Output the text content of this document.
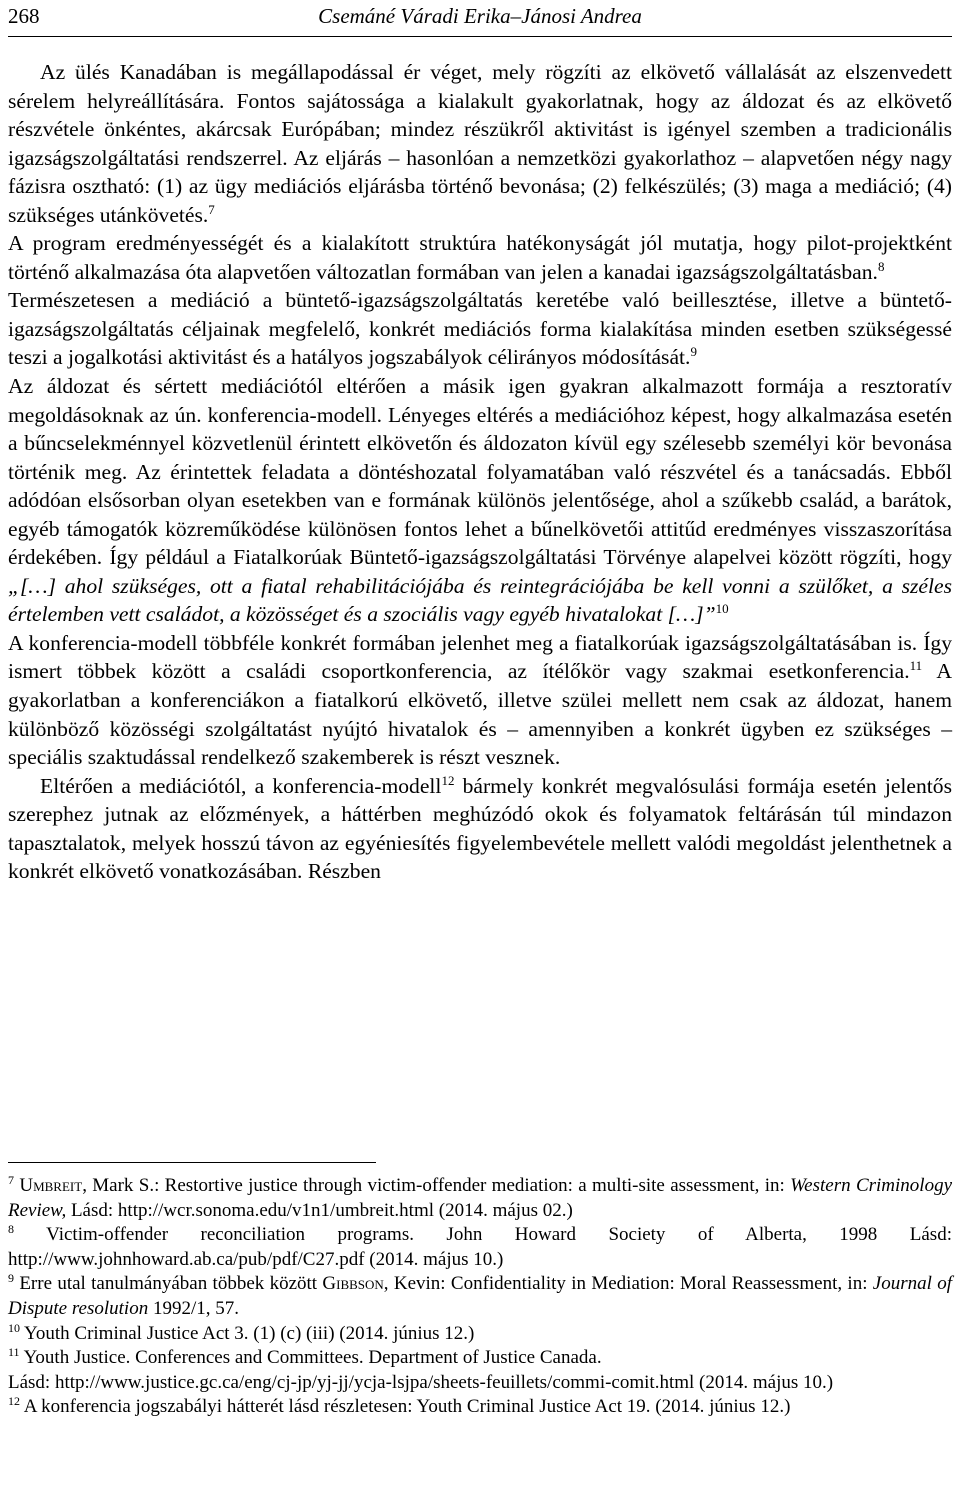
268	Csemáné Váradi Erika–Jánosi Andrea

Az ülés Kanadában is megállapodással ér véget, mely rögzíti az elkövető vállalását az elszenvedett sérelem helyreállítására. Fontos sajátossága a kialakult gyakorlatnak, hogy az áldozat és az elkövető részvétele önkéntes, akárcsak Európában; mindez részükről aktivitást is igényel szemben a tradicionális igazságszolgáltatási rendszerrel. Az eljárás – hasonlóan a nemzetközi gyakorlathoz – alapvetően négy nagy fázisra osztható: (1) az ügy mediációs eljárásba történő bevonása; (2) felkészülés; (3) maga a mediáció; (4) szükséges utánkövetés.$^7$

A program eredményességét és a kialakított struktúra hatékonyságát jól mutatja, hogy pilot-projektként történő alkalmazása óta alapvetően változatlan formában van jelen a kanadai igazságszolgáltatásban.$^8$

Természetesen a mediáció a büntető-igazságszolgáltatás keretébe való beillesztése, illetve a büntető-igazságszolgáltatás céljainak megfelelő, konkrét mediációs forma kialakítása minden esetben szükségessé teszi a jogalkotási aktivitást és a hatályos jogszabályok célirányos módosítását.$^9$

Az áldozat és sértett mediációtól eltérően a másik igen gyakran alkalmazott formája a resztoratív megoldásoknak az ún. konferencia-modell. Lényeges eltérés a mediációhoz képest, hogy alkalmazása esetén a bűncselekménnyel közvetlenül érintett elkövetőn és áldozaton kívül egy szélesebb személyi kör bevonása történik meg. Az érintettek feladata a döntéshozatal folyamatában való részvétel és a tanácsadás. Ebből adódóan elsősorban olyan esetekben van e formának különös jelentősége, ahol a szűkebb család, a barátok, egyéb támogatók közreműködése különösen fontos lehet a bűnelkövetői attitűd eredményes visszaszorítása érdekében. Így például a Fiatalkorúak Büntető-igazságszolgáltatási Törvénye alapelvei között rögzíti, hogy „[…] ahol szükséges, ott a fiatal rehabilitációjába és reintegrációjába be kell vonni a szülőket, a széles értelemben vett családot, a közösséget és a szociális vagy egyéb hivatalokat […]”$^{10}$

A konferencia-modell többféle konkrét formában jelenhet meg a fiatalkorúak igazságszolgáltatásában is. Így ismert többek között a családi csoportkonferencia, az ítélőkör vagy szakmai esetkonferencia.$^{11}$ A gyakorlatban a konferenciákon a fiatalkorú elkövető, illetve szülei mellett nem csak az áldozat, hanem különböző közösségi szolgáltatást nyújtó hivatalok és – amennyiben a konkrét ügyben ez szükséges – speciális szaktudással rendelkező szakemberek is részt vesznek.

Eltérően a mediációtól, a konferencia-modell$^{12}$ bármely konkrét megvalósulási formája esetén jelentős szerephez jutnak az előzmények, a háttérben meghúzódó okok és folyamatok feltárásán túl mindazon tapasztalatok, melyek hosszú távon az egyéniesítés figyelembevétele mellett valódi megoldást jelenthetnek a konkrét elkövető vonatkozásában. Részben

$^7$ Umbreit, Mark S.: Restortive justice through victim-offender mediation: a multi-site assessment, in: Western Criminology Review, Lásd: http://wcr.sonoma.edu/v1n1/umbreit.html (2014. május 02.)

$^8$ Victim-offender reconciliation programs. John Howard Society of Alberta, 1998 Lásd: http://www.johnhoward.ab.ca/pub/pdf/C27.pdf (2014. május 10.)

$^9$ Erre utal tanulmányában többek között Gibbson, Kevin: Confidentiality in Mediation: Moral Reassessment, in: Journal of Dispute resolution 1992/1, 57.

$^{10}$ Youth Criminal Justice Act 3. (1) (c) (iii) (2014. június 12.)

$^{11}$ Youth Justice. Conferences and Committees. Department of Justice Canada.

Lásd: http://www.justice.gc.ca/eng/cj-jp/yj-jj/ycja-lsjpa/sheets-feuillets/commi-comit.html (2014. május 10.)

$^{12}$ A konferencia jogszabályi hátterét lásd részletesen: Youth Criminal Justice Act 19. (2014. június 12.)
